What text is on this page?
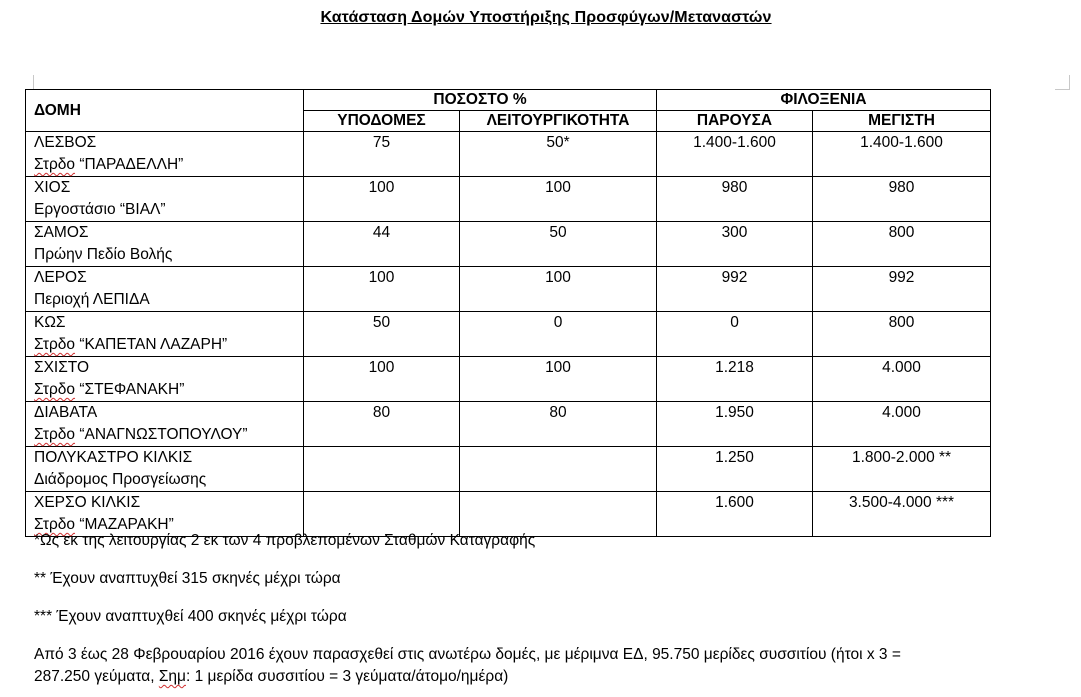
Κατάσταση Δομών Υποστήριξης Προσφύγων/Μεταναστών
ΔΟΜΗ	ΠΟΣΟΣΤΟ %		ΦΙΛΟΞΕΝΙΑ	
	ΥΠΟΔΟΜΕΣ	ΛΕΙΤΟΥΡΓΙΚΟΤΗΤΑ	ΠΑΡΟΥΣΑ	ΜΕΓΙΣΤΗ
ΛΕΣΒΟΣ
Στρδο “ΠΑΡΑΔΕΛΛΗ”	75	50*	1.400-1.600	1.400-1.600
ΧΙΟΣ
Εργοστάσιο “ΒΙΑΛ”	100	100	980	980
ΣΑΜΟΣ
Πρώην Πεδίο Βολής	44	50	300	800
ΛΕΡΟΣ
Περιοχή ΛΕΠΙΔΑ	100	100	992	992
ΚΩΣ
Στρδο “ΚΑΠΕΤΑΝ ΛΑΖΑΡΗ”	50	0	0	800
ΣΧΙΣΤΟ
Στρδο “ΣΤΕΦΑΝΑΚΗ”	100	100	1.218	4.000
ΔΙΑΒΑΤΑ
Στρδο “ΑΝΑΓΝΩΣΤΟΠΟΥΛΟΥ”	80	80	1.950	4.000
ΠΟΛΥΚΑΣΤΡΟ ΚΙΛΚΙΣ
Διάδρομος Προσγείωσης			1.250	1.800-2.000 **
ΧΕΡΣΟ ΚΙΛΚΙΣ
Στρδο “ΜΑΖΑΡΑΚΗ”			1.600	3.500-4.000 ***
*Ως εκ της λειτουργίας 2 εκ των 4 προβλεπομένων Σταθμών Καταγραφής
** Έχουν αναπτυχθεί 315 σκηνές μέχρι τώρα
*** Έχουν αναπτυχθεί 400 σκηνές μέχρι τώρα
Από 3 έως 28 Φεβρουαρίου 2016 έχουν παρασχεθεί στις ανωτέρω δομές, με μέριμνα ΕΔ, 95.750 μερίδες συσσιτίου (ήτοι x 3 =
287.250 γεύματα, Σημ: 1 μερίδα συσσιτίου = 3 γεύματα/άτομο/ημέρα)
